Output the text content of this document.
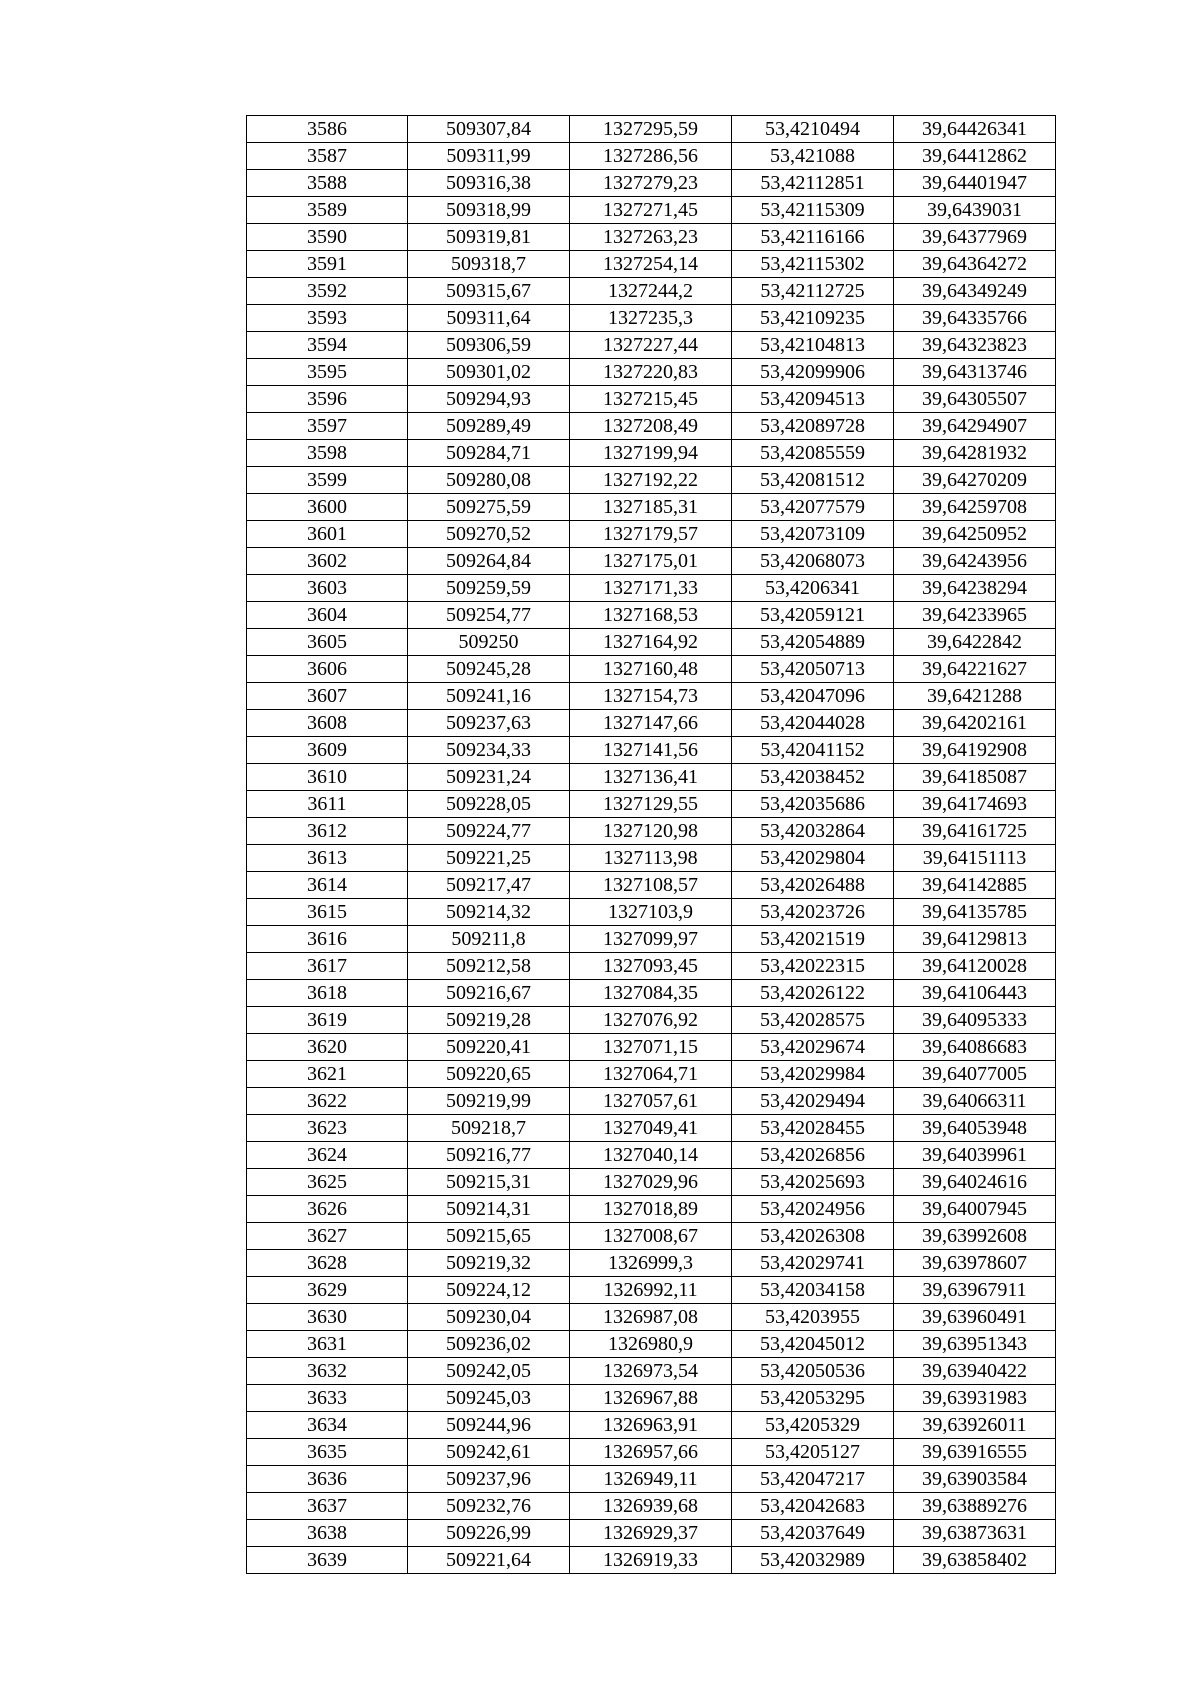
3586	509307,84	1327295,59	53,4210494	39,64426341
3587	509311,99	1327286,56	53,421088	39,64412862
3588	509316,38	1327279,23	53,42112851	39,64401947
3589	509318,99	1327271,45	53,42115309	39,6439031
3590	509319,81	1327263,23	53,42116166	39,64377969
3591	509318,7	1327254,14	53,42115302	39,64364272
3592	509315,67	1327244,2	53,42112725	39,64349249
3593	509311,64	1327235,3	53,42109235	39,64335766
3594	509306,59	1327227,44	53,42104813	39,64323823
3595	509301,02	1327220,83	53,42099906	39,64313746
3596	509294,93	1327215,45	53,42094513	39,64305507
3597	509289,49	1327208,49	53,42089728	39,64294907
3598	509284,71	1327199,94	53,42085559	39,64281932
3599	509280,08	1327192,22	53,42081512	39,64270209
3600	509275,59	1327185,31	53,42077579	39,64259708
3601	509270,52	1327179,57	53,42073109	39,64250952
3602	509264,84	1327175,01	53,42068073	39,64243956
3603	509259,59	1327171,33	53,4206341	39,64238294
3604	509254,77	1327168,53	53,42059121	39,64233965
3605	509250	1327164,92	53,42054889	39,6422842
3606	509245,28	1327160,48	53,42050713	39,64221627
3607	509241,16	1327154,73	53,42047096	39,6421288
3608	509237,63	1327147,66	53,42044028	39,64202161
3609	509234,33	1327141,56	53,42041152	39,64192908
3610	509231,24	1327136,41	53,42038452	39,64185087
3611	509228,05	1327129,55	53,42035686	39,64174693
3612	509224,77	1327120,98	53,42032864	39,64161725
3613	509221,25	1327113,98	53,42029804	39,64151113
3614	509217,47	1327108,57	53,42026488	39,64142885
3615	509214,32	1327103,9	53,42023726	39,64135785
3616	509211,8	1327099,97	53,42021519	39,64129813
3617	509212,58	1327093,45	53,42022315	39,64120028
3618	509216,67	1327084,35	53,42026122	39,64106443
3619	509219,28	1327076,92	53,42028575	39,64095333
3620	509220,41	1327071,15	53,42029674	39,64086683
3621	509220,65	1327064,71	53,42029984	39,64077005
3622	509219,99	1327057,61	53,42029494	39,64066311
3623	509218,7	1327049,41	53,42028455	39,64053948
3624	509216,77	1327040,14	53,42026856	39,64039961
3625	509215,31	1327029,96	53,42025693	39,64024616
3626	509214,31	1327018,89	53,42024956	39,64007945
3627	509215,65	1327008,67	53,42026308	39,63992608
3628	509219,32	1326999,3	53,42029741	39,63978607
3629	509224,12	1326992,11	53,42034158	39,63967911
3630	509230,04	1326987,08	53,4203955	39,63960491
3631	509236,02	1326980,9	53,42045012	39,63951343
3632	509242,05	1326973,54	53,42050536	39,63940422
3633	509245,03	1326967,88	53,42053295	39,63931983
3634	509244,96	1326963,91	53,4205329	39,63926011
3635	509242,61	1326957,66	53,4205127	39,63916555
3636	509237,96	1326949,11	53,42047217	39,63903584
3637	509232,76	1326939,68	53,42042683	39,63889276
3638	509226,99	1326929,37	53,42037649	39,63873631
3639	509221,64	1326919,33	53,42032989	39,63858402
